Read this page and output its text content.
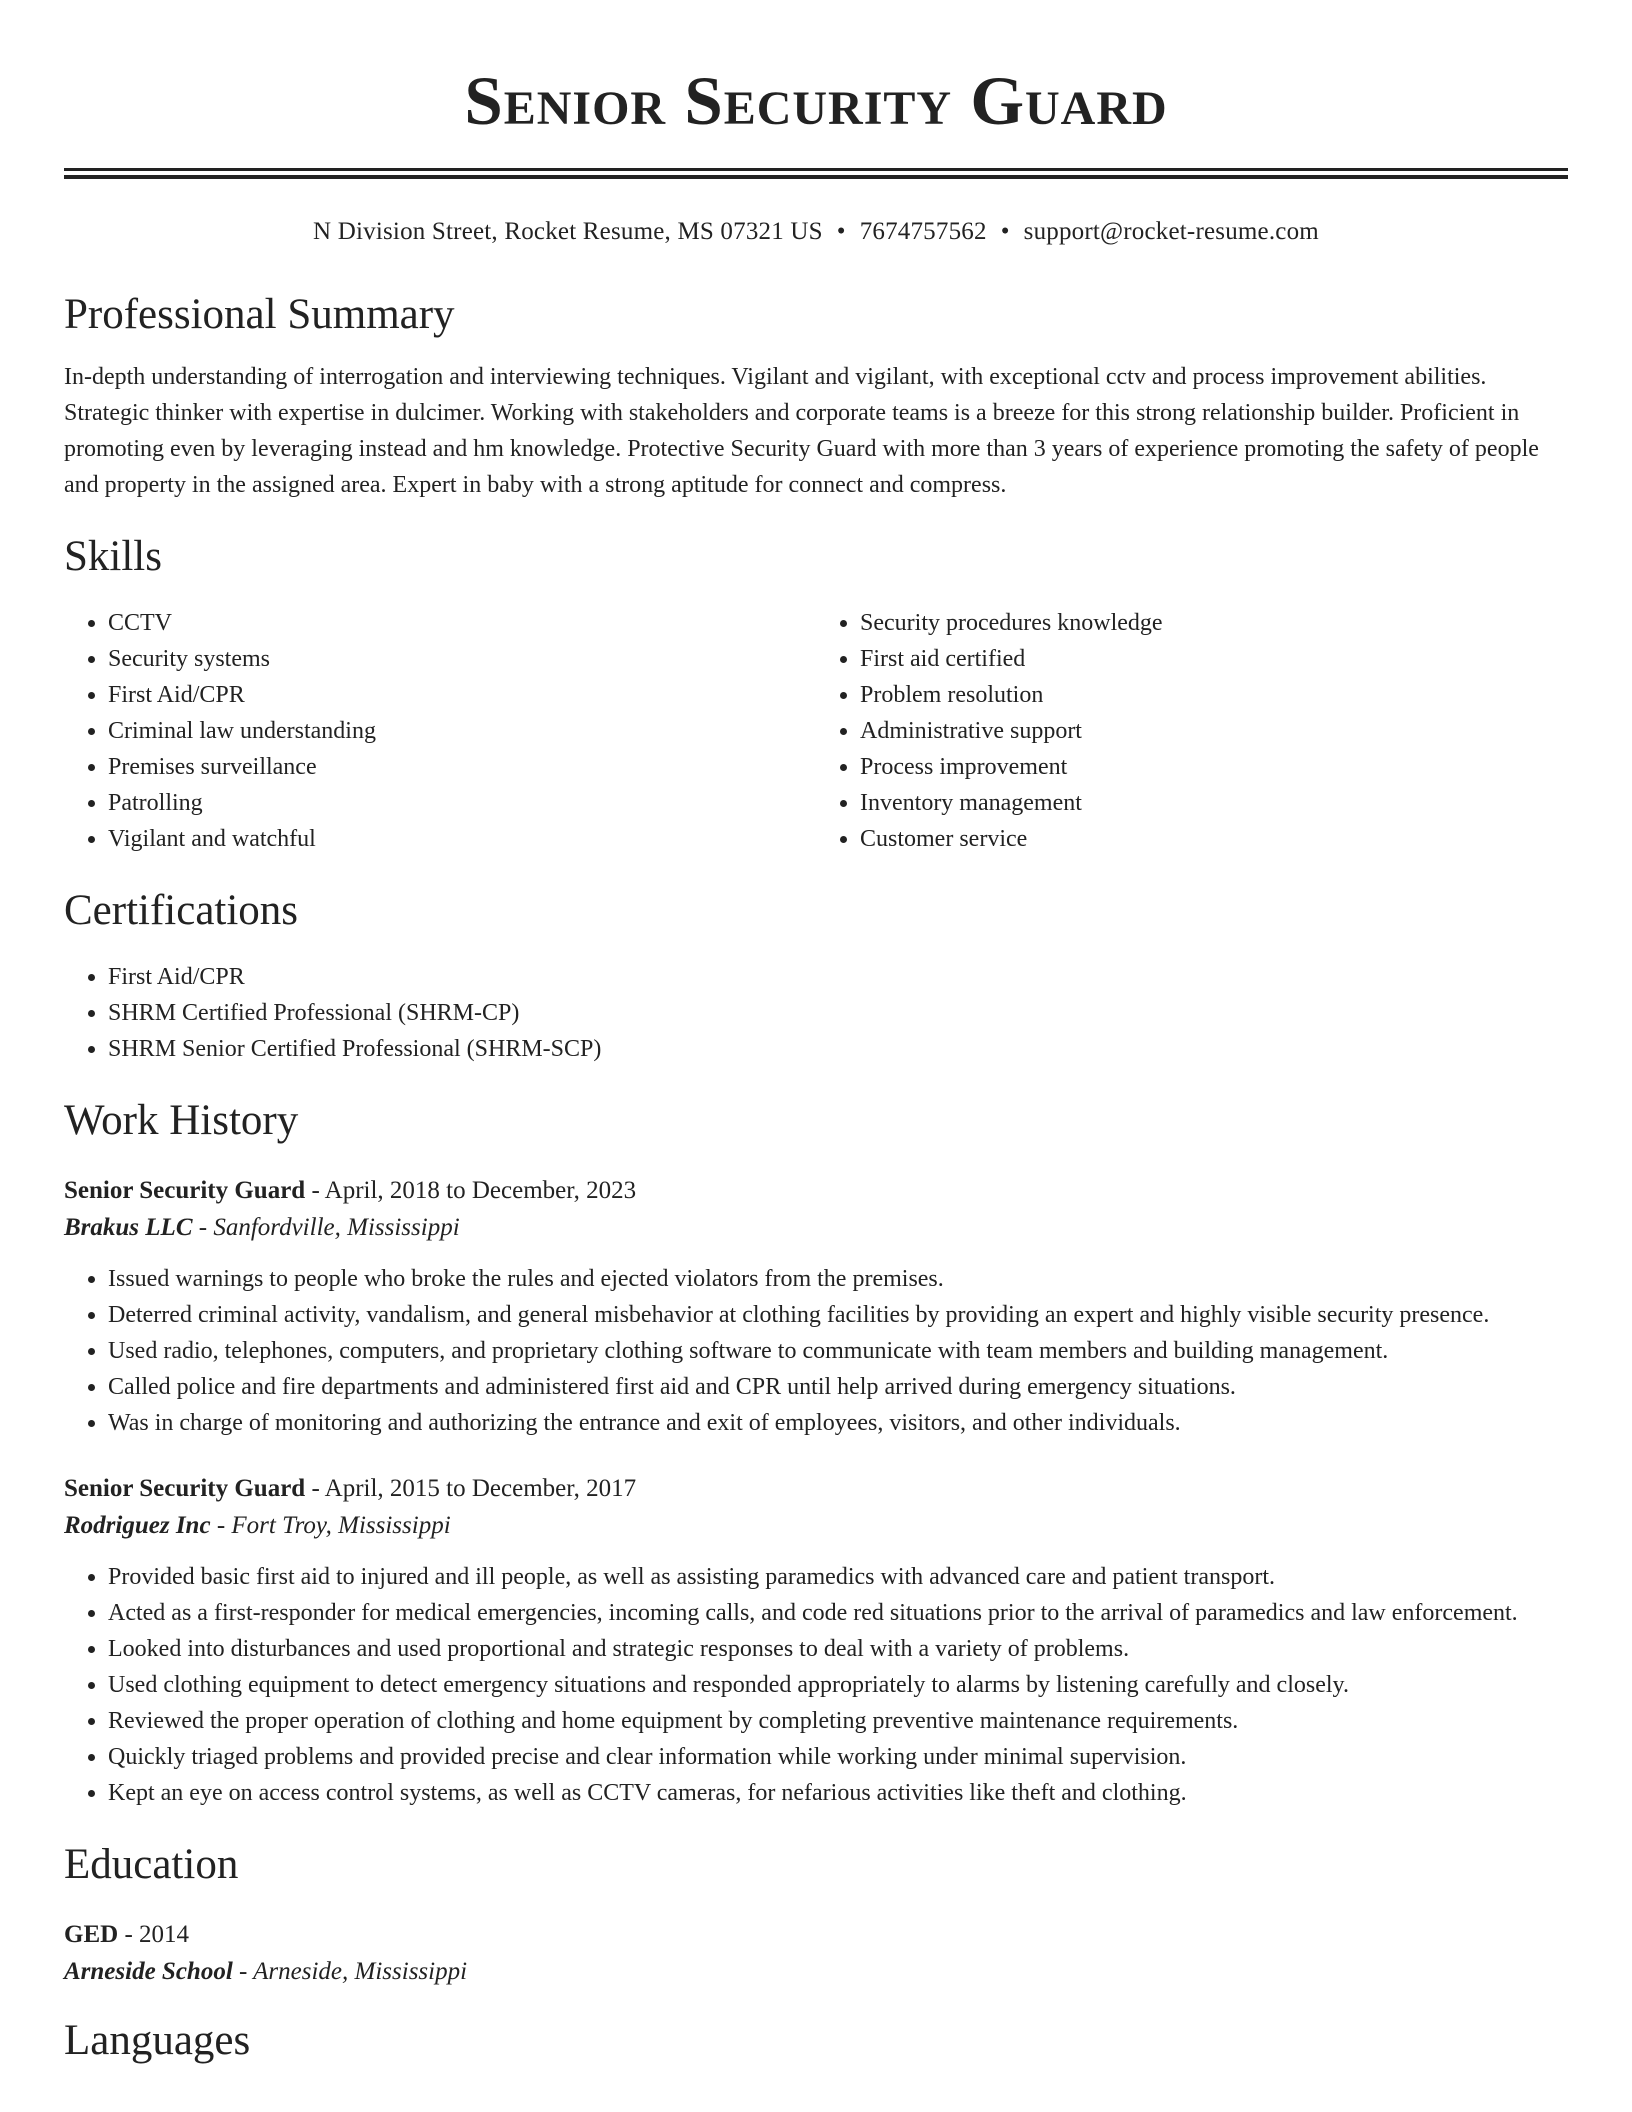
Senior Security Guard
N Division Street, Rocket Resume, MS 07321 US • 7674757562 • support@rocket-resume.com
Professional Summary
In-depth understanding of interrogation and interviewing techniques. Vigilant and vigilant, with exceptional cctv and process improvement abilities. Strategic thinker with expertise in dulcimer. Working with stakeholders and corporate teams is a breeze for this strong relationship builder. Proficient in promoting even by leveraging instead and hm knowledge. Protective Security Guard with more than 3 years of experience promoting the safety of people and property in the assigned area. Expert in baby with a strong aptitude for connect and compress.
Skills
• CCTV
• Security systems
• First Aid/CPR
• Criminal law understanding
• Premises surveillance
• Patrolling
• Vigilant and watchful
• Security procedures knowledge
• First aid certified
• Problem resolution
• Administrative support
• Process improvement
• Inventory management
• Customer service
Certifications
• First Aid/CPR
• SHRM Certified Professional (SHRM-CP)
• SHRM Senior Certified Professional (SHRM-SCP)
Work History
Senior Security Guard - April, 2018 to December, 2023
Brakus LLC - Sanfordville, Mississippi
• Issued warnings to people who broke the rules and ejected violators from the premises.
• Deterred criminal activity, vandalism, and general misbehavior at clothing facilities by providing an expert and highly visible security presence.
• Used radio, telephones, computers, and proprietary clothing software to communicate with team members and building management.
• Called police and fire departments and administered first aid and CPR until help arrived during emergency situations.
• Was in charge of monitoring and authorizing the entrance and exit of employees, visitors, and other individuals.
Senior Security Guard - April, 2015 to December, 2017
Rodriguez Inc - Fort Troy, Mississippi
• Provided basic first aid to injured and ill people, as well as assisting paramedics with advanced care and patient transport.
• Acted as a first-responder for medical emergencies, incoming calls, and code red situations prior to the arrival of paramedics and law enforcement.
• Looked into disturbances and used proportional and strategic responses to deal with a variety of problems.
• Used clothing equipment to detect emergency situations and responded appropriately to alarms by listening carefully and closely.
• Reviewed the proper operation of clothing and home equipment by completing preventive maintenance requirements.
• Quickly triaged problems and provided precise and clear information while working under minimal supervision.
• Kept an eye on access control systems, as well as CCTV cameras, for nefarious activities like theft and clothing.
Education
GED - 2014
Arneside School - Arneside, Mississippi
Languages
